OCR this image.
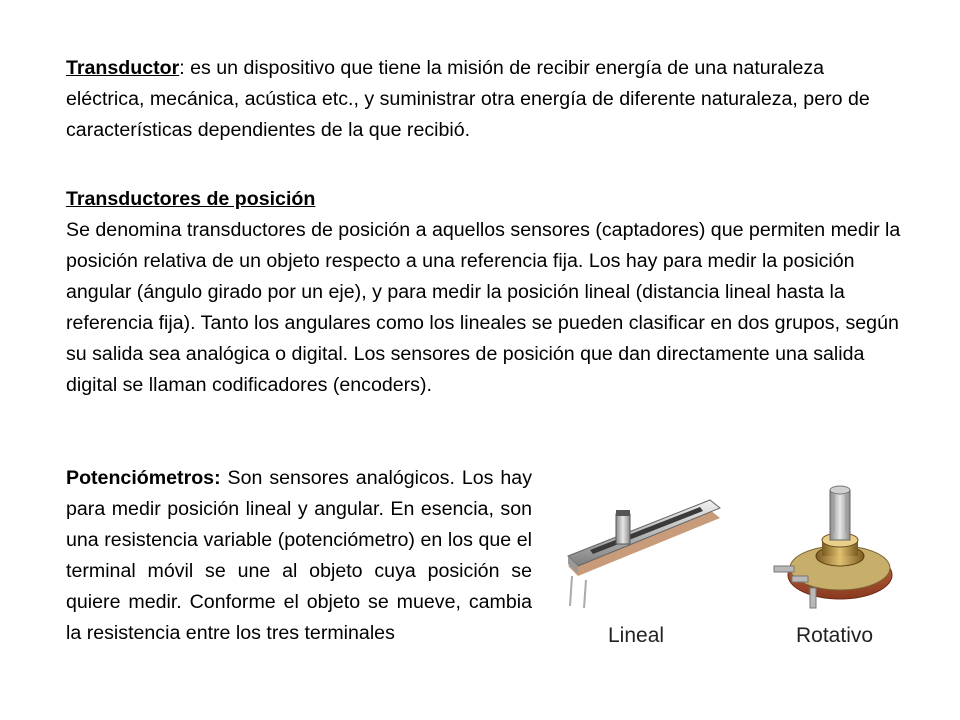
Transductor: es un dispositivo que tiene la misión de recibir energía de una naturaleza eléctrica, mecánica, acústica etc., y suministrar otra energía de diferente naturaleza, pero de características dependientes de la que recibió.

Transductores de posición
Se denomina transductores de posición a aquellos sensores (captadores) que permiten medir la posición relativa de un objeto respecto a una referencia fija. Los hay para medir la posición angular (ángulo girado por un eje), y para medir la posición lineal (distancia lineal hasta la referencia fija). Tanto los angulares como los lineales se pueden clasificar en dos grupos, según su salida sea analógica o digital. Los sensores de posición que dan directamente una salida digital se llaman codificadores (encoders).

Potenciómetros: Son sensores analógicos. Los hay para medir posición lineal y angular. En esencia, son una resistencia variable (potenciómetro) en los que el terminal móvil se une al objeto cuya posición se quiere medir. Conforme el objeto se mueve, cambia la resistencia entre los tres terminales	Lineal	Rotativo
